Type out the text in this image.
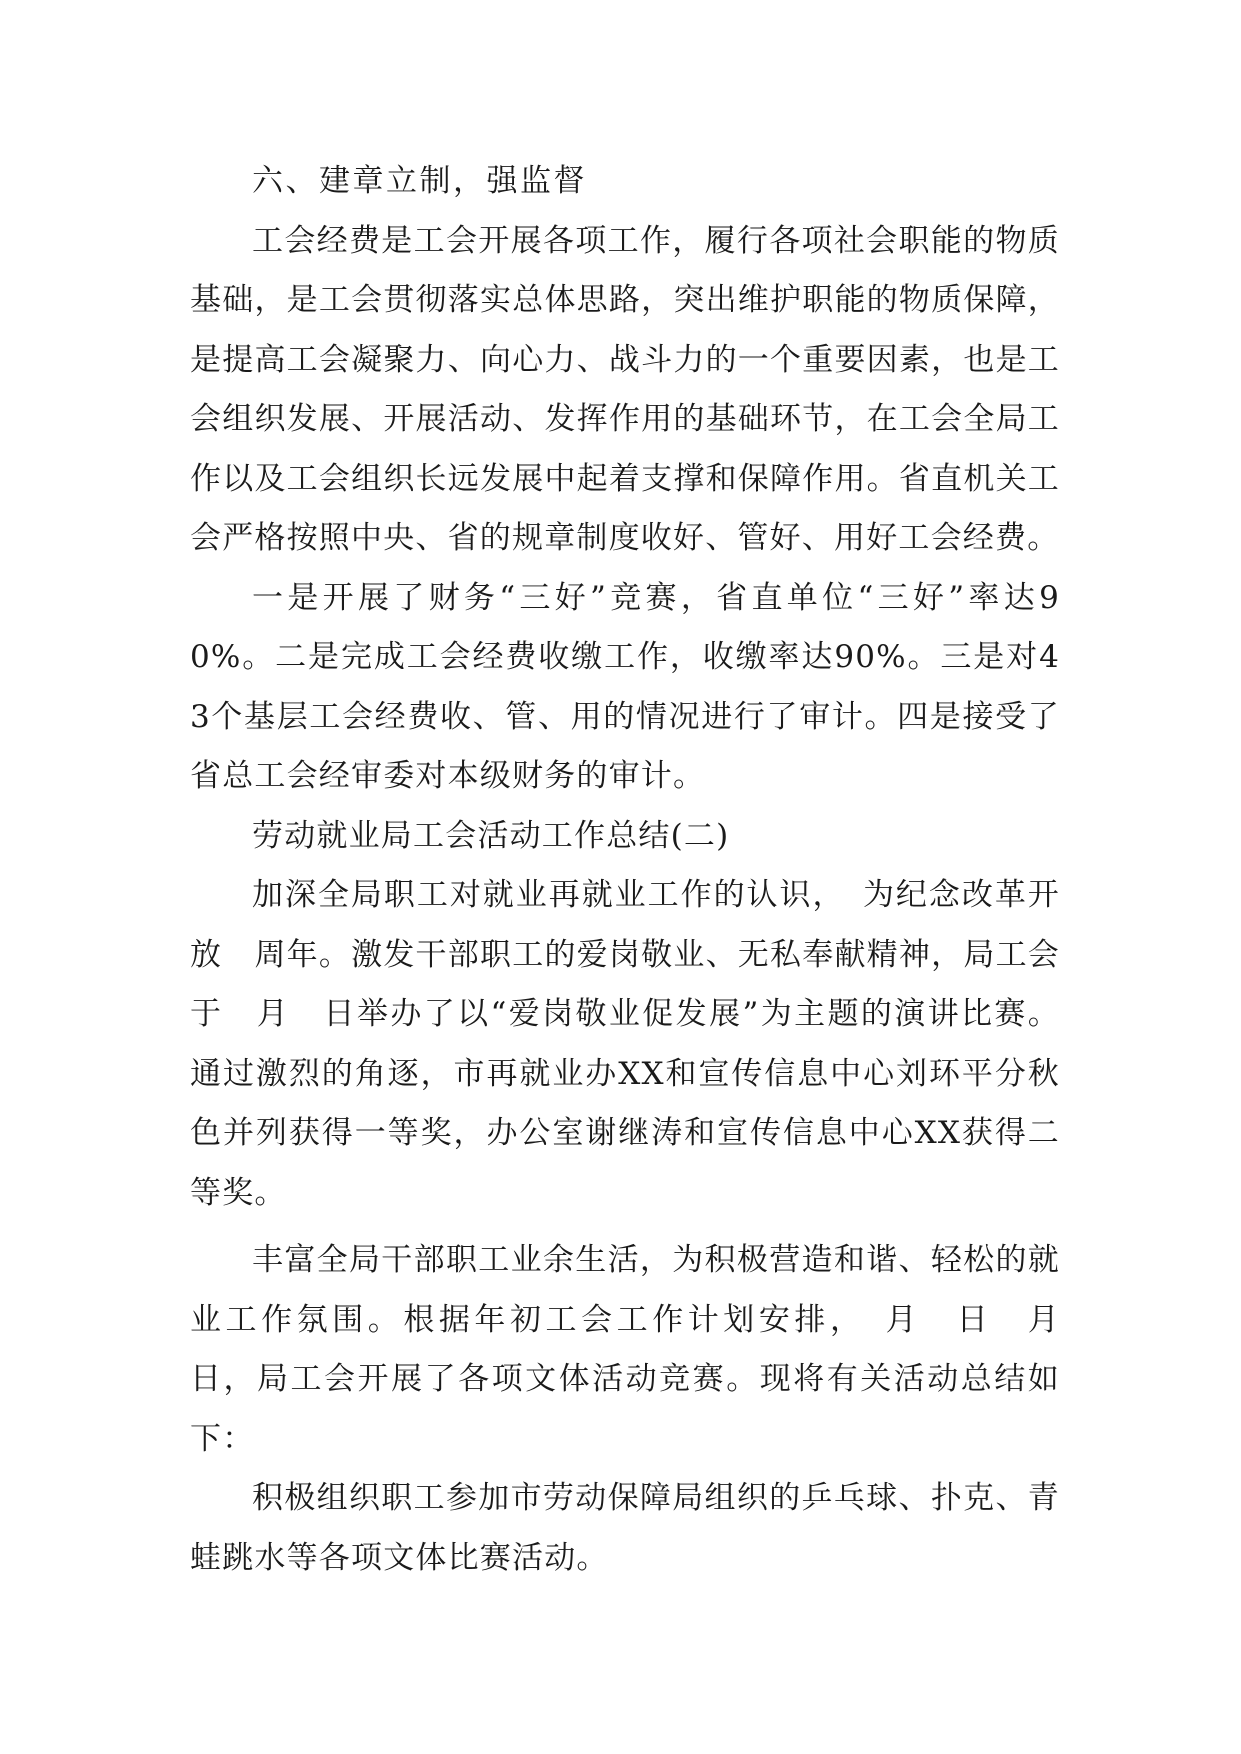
六、建章立制，强监督

工会经费是工会开展各项工作，履行各项社会职能的物质基础，是工会贯彻落实总体思路，突出维护职能的物质保障，是提高工会凝聚力、向心力、战斗力的一个重要因素，也是工会组织发展、开展活动、发挥作用的基础环节，在工会全局工作以及工会组织长远发展中起着支撑和保障作用。省直机关工会严格按照中央、省的规章制度收好、管好、用好工会经费。

一是开展了财务“三好”竞赛，省直单位“三好”率达90%。二是完成工会经费收缴工作，收缴率达90%。三是对43个基层工会经费收、管、用的情况进行了审计。四是接受了省总工会经审委对本级财务的审计。

劳动就业局工会活动工作总结(二)

加深全局职工对就业再就业工作的认识，　为纪念改革开放　周年。激发干部职工的爱岗敬业、无私奉献精神，局工会于　月　日举办了以“爱岗敬业促发展”为主题的演讲比赛。通过激烈的角逐，市再就业办XX和宣传信息中心刘环平分秋色并列获得一等奖，办公室谢继涛和宣传信息中心XX获得二等奖。

丰富全局干部职工业余生活，为积极营造和谐、轻松的就业工作氛围。根据年初工会工作计划安排，　月　日　月　日，局工会开展了各项文体活动竞赛。现将有关活动总结如下：

积极组织职工参加市劳动保障局组织的乒乓球、扑克、青蛙跳水等各项文体比赛活动。
